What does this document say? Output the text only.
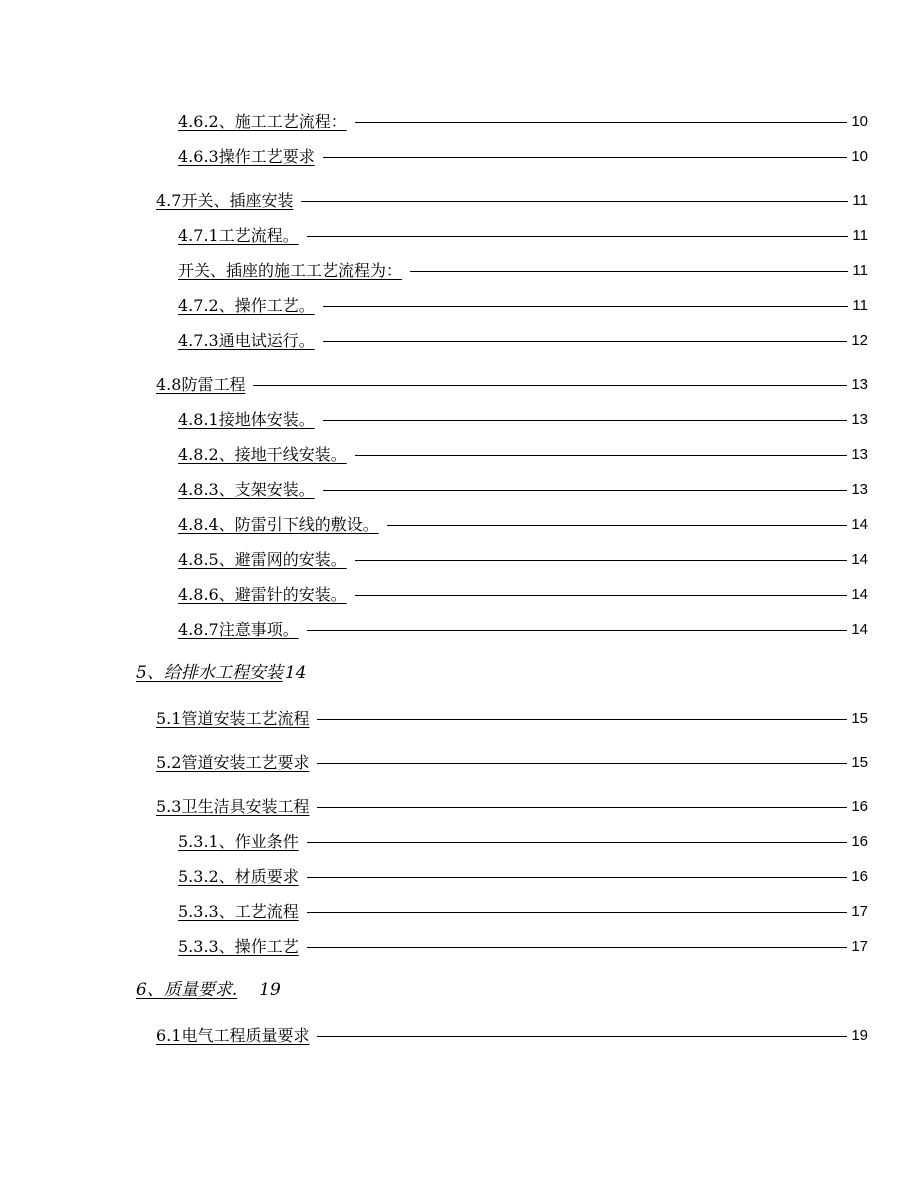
4.6.2、施工工艺流程：	10
4.6.3操作工艺要求	10
4.7开关、插座安装	11
4.7.1工艺流程。	11
开关、插座的施工工艺流程为：	11
4.7.2、操作工艺。	11
4.7.3通电试运行。	12
4.8防雷工程	13
4.8.1接地体安装。	13
4.8.2、接地干线安装。	13
4.8.3、支架安装。	13
4.8.4、防雷引下线的敷设。	14
4.8.5、避雷网的安装。	14
4.8.6、避雷针的安装。	14
4.8.7注意事项。	14
5、给排水工程安装 14
5.1管道安装工艺流程	15
5.2管道安装工艺要求	15
5.3卫生洁具安装工程	16
5.3.1、作业条件	16
5.3.2、材质要求	16
5.3.3、工艺流程	17
5.3.3、操作工艺	17
6、质量要求. 19
6.1电气工程质量要求	19
